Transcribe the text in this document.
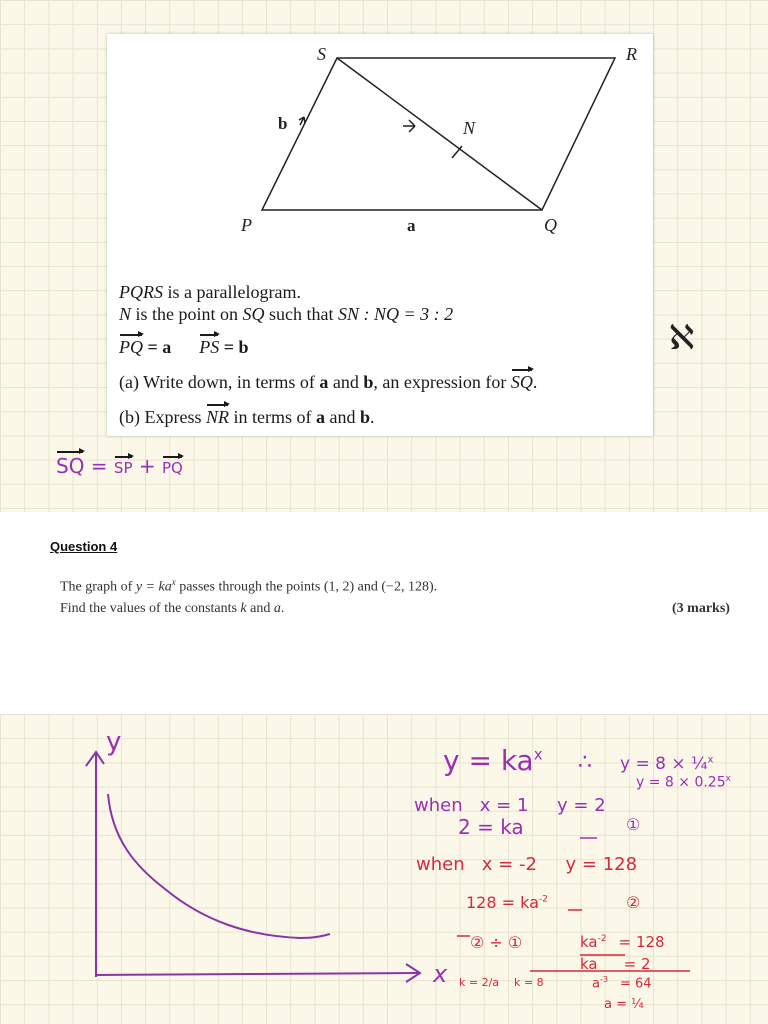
S	R
N
P	Q
a
b
PQRS is a parallelogram.
N is the point on SQ such that SN : NQ = 3 : 2
PQ = a PS = b
(a) Write down, in terms of a and b, an expression for SQ.
(b) Express NR in terms of a and b.
ℵ
SQ = SP + PQ
Question 4
The graph of $y = ka^x$ passes through the points (1, 2) and (−2, 128).
Find the values of the constants k and a.	(3 marks)
y
x
$y = ka^x$ ∴ y = 8 × ¼$^x$
$y = 8 \times 0.25^x$
when   x = 1     y = 2
2 = ka	①
when   x = -2     y = 128
$128 = ka^{-2}$	②
② ÷ ①	$ka^{-2} = 128$
ka = 2
$a^{-3} = 64$
a = ¼
k = 2/a k = 8
